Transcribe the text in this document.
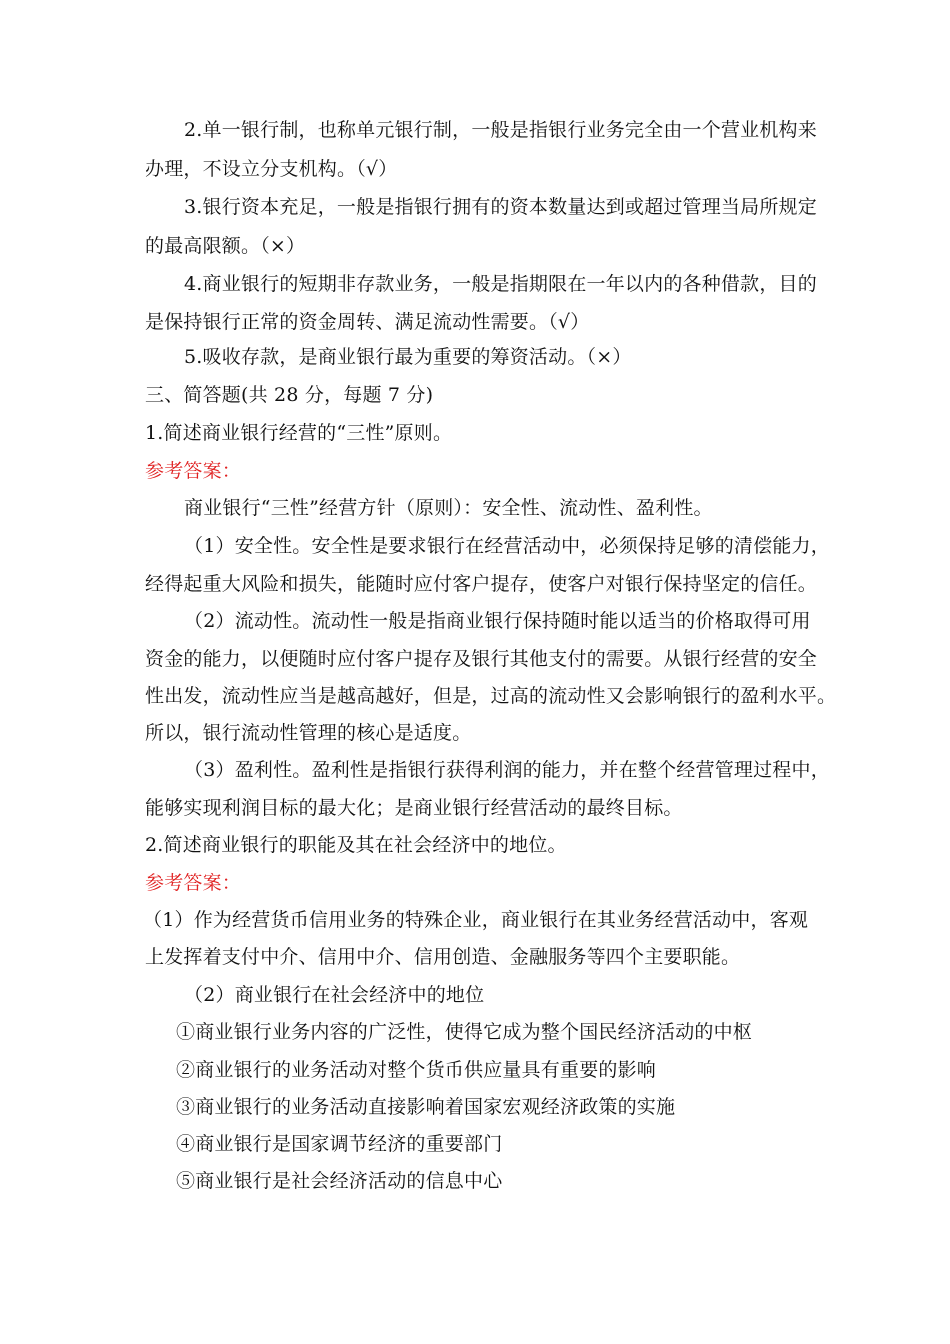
2.单一银行制，也称单元银行制，一般是指银行业务完全由一个营业机构来
办理，不设立分支机构。（√）
3.银行资本充足，一般是指银行拥有的资本数量达到或超过管理当局所规定
的最高限额。（×）
4.商业银行的短期非存款业务，一般是指期限在一年以内的各种借款，目的
是保持银行正常的资金周转、满足流动性需要。（√）
5.吸收存款，是商业银行最为重要的筹资活动。（×）
三、简答题(共 28 分，每题 7 分)
1.简述商业银行经营的“三性”原则。
参考答案：
商业银行“三性”经营方针（原则）：安全性、流动性、盈利性。
（1）安全性。安全性是要求银行在经营活动中，必须保持足够的清偿能力，
经得起重大风险和损失，能随时应付客户提存，使客户对银行保持坚定的信任。
（2）流动性。流动性一般是指商业银行保持随时能以适当的价格取得可用
资金的能力，以便随时应付客户提存及银行其他支付的需要。从银行经营的安全
性出发，流动性应当是越高越好，但是，过高的流动性又会影响银行的盈利水平。
所以，银行流动性管理的核心是适度。
（3）盈利性。盈利性是指银行获得利润的能力，并在整个经营管理过程中，
能够实现利润目标的最大化；是商业银行经营活动的最终目标。
2.简述商业银行的职能及其在社会经济中的地位。
参考答案：
（1）作为经营货币信用业务的特殊企业，商业银行在其业务经营活动中，客观
上发挥着支付中介、信用中介、信用创造、金融服务等四个主要职能。
（2）商业银行在社会经济中的地位
①商业银行业务内容的广泛性，使得它成为整个国民经济活动的中枢
②商业银行的业务活动对整个货币供应量具有重要的影响
③商业银行的业务活动直接影响着国家宏观经济政策的实施
④商业银行是国家调节经济的重要部门
⑤商业银行是社会经济活动的信息中心
